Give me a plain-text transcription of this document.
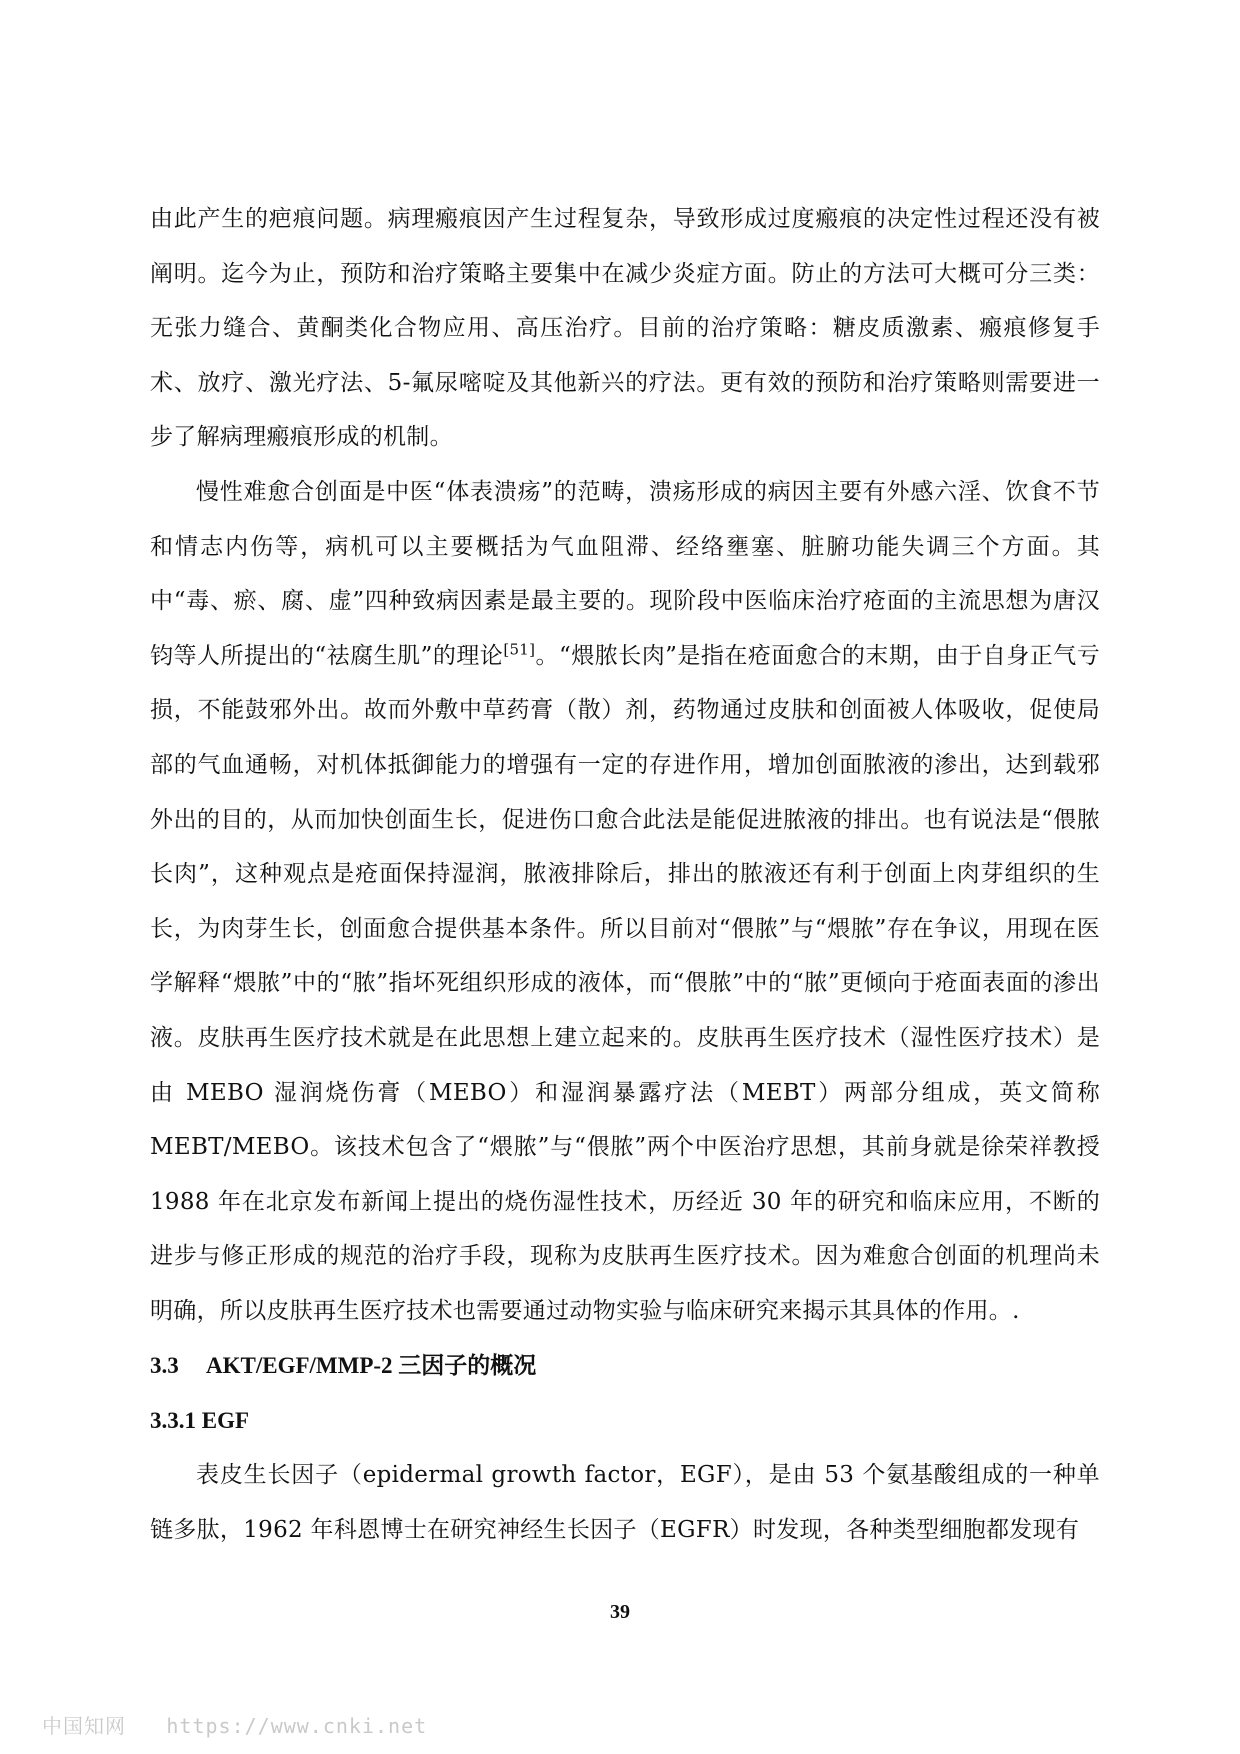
由此产生的疤痕问题。病理瘢痕因产生过程复杂，导致形成过度瘢痕的决定性过程还没有被阐明。迄今为止，预防和治疗策略主要集中在减少炎症方面。防止的方法可大概可分三类：无张力缝合、黄酮类化合物应用、高压治疗。目前的治疗策略：糖皮质激素、瘢痕修复手术、放疗、激光疗法、5-氟尿嘧啶及其他新兴的疗法。更有效的预防和治疗策略则需要进一步了解病理瘢痕形成的机制。

慢性难愈合创面是中医“体表溃疡”的范畴，溃疡形成的病因主要有外感六淫、饮食不节和情志内伤等，病机可以主要概括为气血阻滞、经络壅塞、脏腑功能失调三个方面。其中“毒、瘀、腐、虚”四种致病因素是最主要的。现阶段中医临床治疗疮面的主流思想为唐汉钧等人所提出的“祛腐生肌”的理论[51]。“煨脓长肉”是指在疮面愈合的末期，由于自身正气亏损，不能鼓邪外出。故而外敷中草药膏（散）剂，药物通过皮肤和创面被人体吸收，促使局部的气血通畅，对机体抵御能力的增强有一定的存进作用，增加创面脓液的渗出，达到载邪外出的目的，从而加快创面生长，促进伤口愈合此法是能促进脓液的排出。也有说法是“偎脓长肉”，这种观点是疮面保持湿润，脓液排除后，排出的脓液还有利于创面上肉芽组织的生长，为肉芽生长，创面愈合提供基本条件。所以目前对“偎脓”与“煨脓”存在争议，用现在医学解释“煨脓”中的“脓”指坏死组织形成的液体，而“偎脓”中的“脓”更倾向于疮面表面的渗出液。皮肤再生医疗技术就是在此思想上建立起来的。皮肤再生医疗技术（湿性医疗技术）是由 MEBO 湿润烧伤膏（MEBO）和湿润暴露疗法（MEBT）两部分组成，英文简称 MEBT/MEBO。该技术包含了“煨脓”与“偎脓”两个中医治疗思想，其前身就是徐荣祥教授 1988 年在北京发布新闻上提出的烧伤湿性技术，历经近 30 年的研究和临床应用，不断的进步与修正形成的规范的治疗手段，现称为皮肤再生医疗技术。因为难愈合创面的机理尚未明确，所以皮肤再生医疗技术也需要通过动物实验与临床研究来揭示其具体的作用。.

3.3 AKT/EGF/MMP-2 三因子的概况
3.3.1 EGF

表皮生长因子（epidermal growth factor，EGF），是由 53 个氨基酸组成的一种单链多肽，1962 年科恩博士在研究神经生长因子（EGFR）时发现，各种类型细胞都发现有

39
中国知网 https://www.cnki.net
